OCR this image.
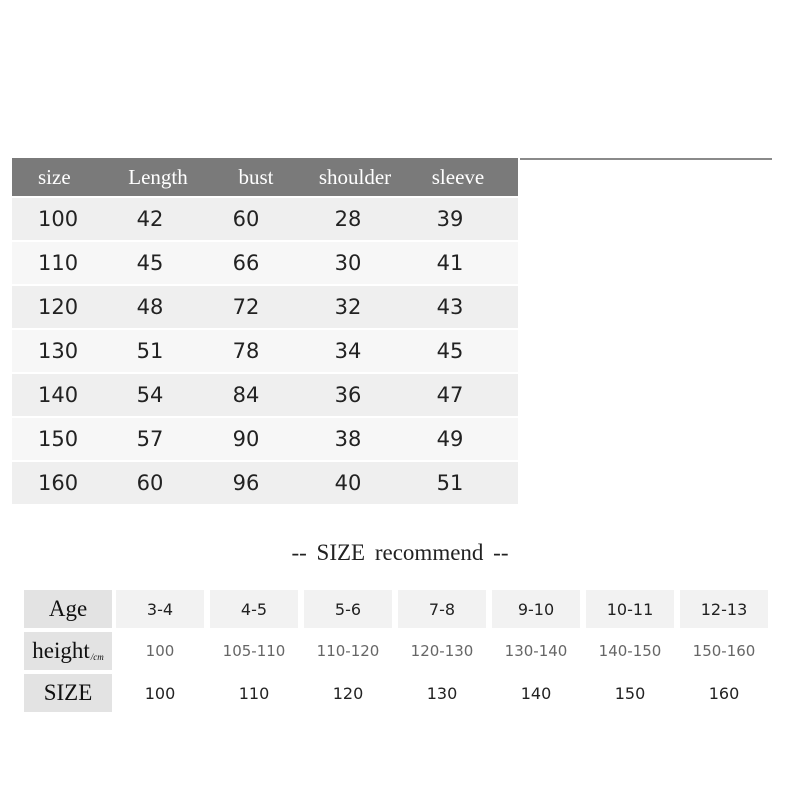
size	Length	bust	shoulder	sleeve
100	42	60	28	39
110	45	66	30	41
120	48	72	32	43
130	51	78	34	45
140	54	84	36	47
150	57	90	38	49
160	60	96	40	51
-- SIZE recommend --
Age	3-4	4-5	5-6	7-8	9-10	10-11	12-13
height /cm	100	105-110	110-120	120-130	130-140	140-150	150-160
SIZE	100	110	120	130	140	150	160
